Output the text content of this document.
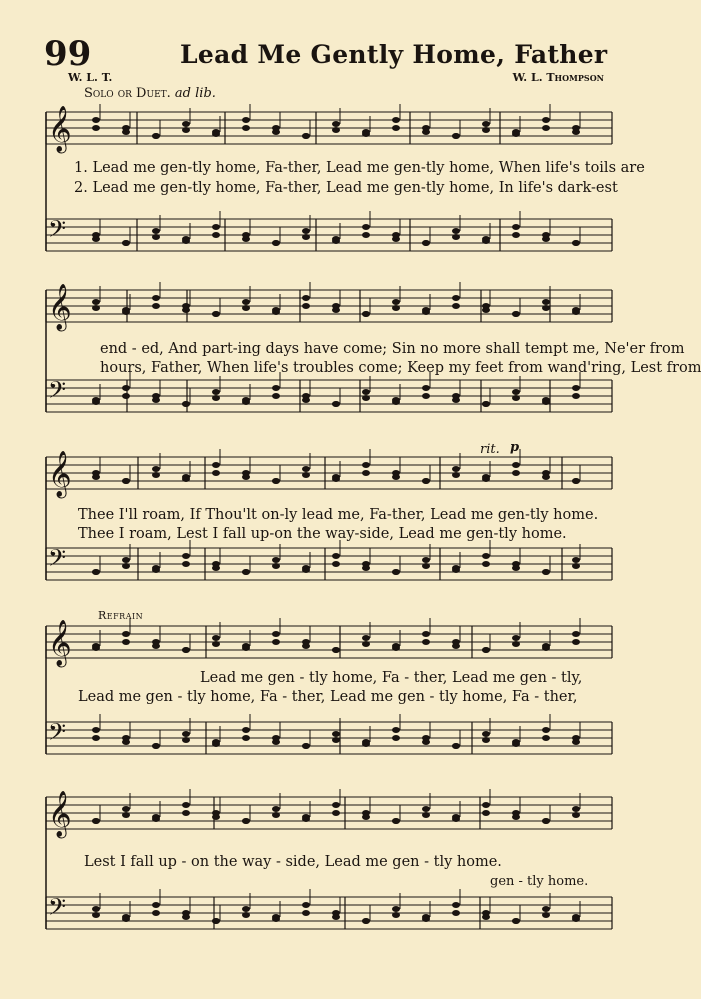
99	Lead Me Gently Home, Father
W. L. T.	W. L. Thompson
Solo or Duet. ad lib.
𝄞
𝄢
𝄞
𝄢
𝄞
𝄢
𝄞
𝄢
𝄞
𝄢
1. Lead me gen-tly home, Fa-ther, Lead me gen-tly home, When life's toils are
2. Lead me gen-tly home, Fa-ther, Lead me gen-tly home, In life's dark-est
end - ed, And part-ing days have come; Sin no more shall tempt me, Ne'er from
hours, Father, When life's troubles come; Keep my feet from wand'ring, Lest from
Thee I'll roam, If Thou'lt on-ly lead me, Fa-ther, Lead me gen-tly home.
Thee I roam, Lest I fall up-on the way-side, Lead me gen-tly home.
rit. p
Refrain
Lead me gen - tly home, Fa - ther, Lead me gen - tly,
Lead me gen - tly home, Fa - ther, Lead me gen - tly home, Fa - ther,
Lest I fall up - on the way - side, Lead me gen - tly home.
gen - tly home.
